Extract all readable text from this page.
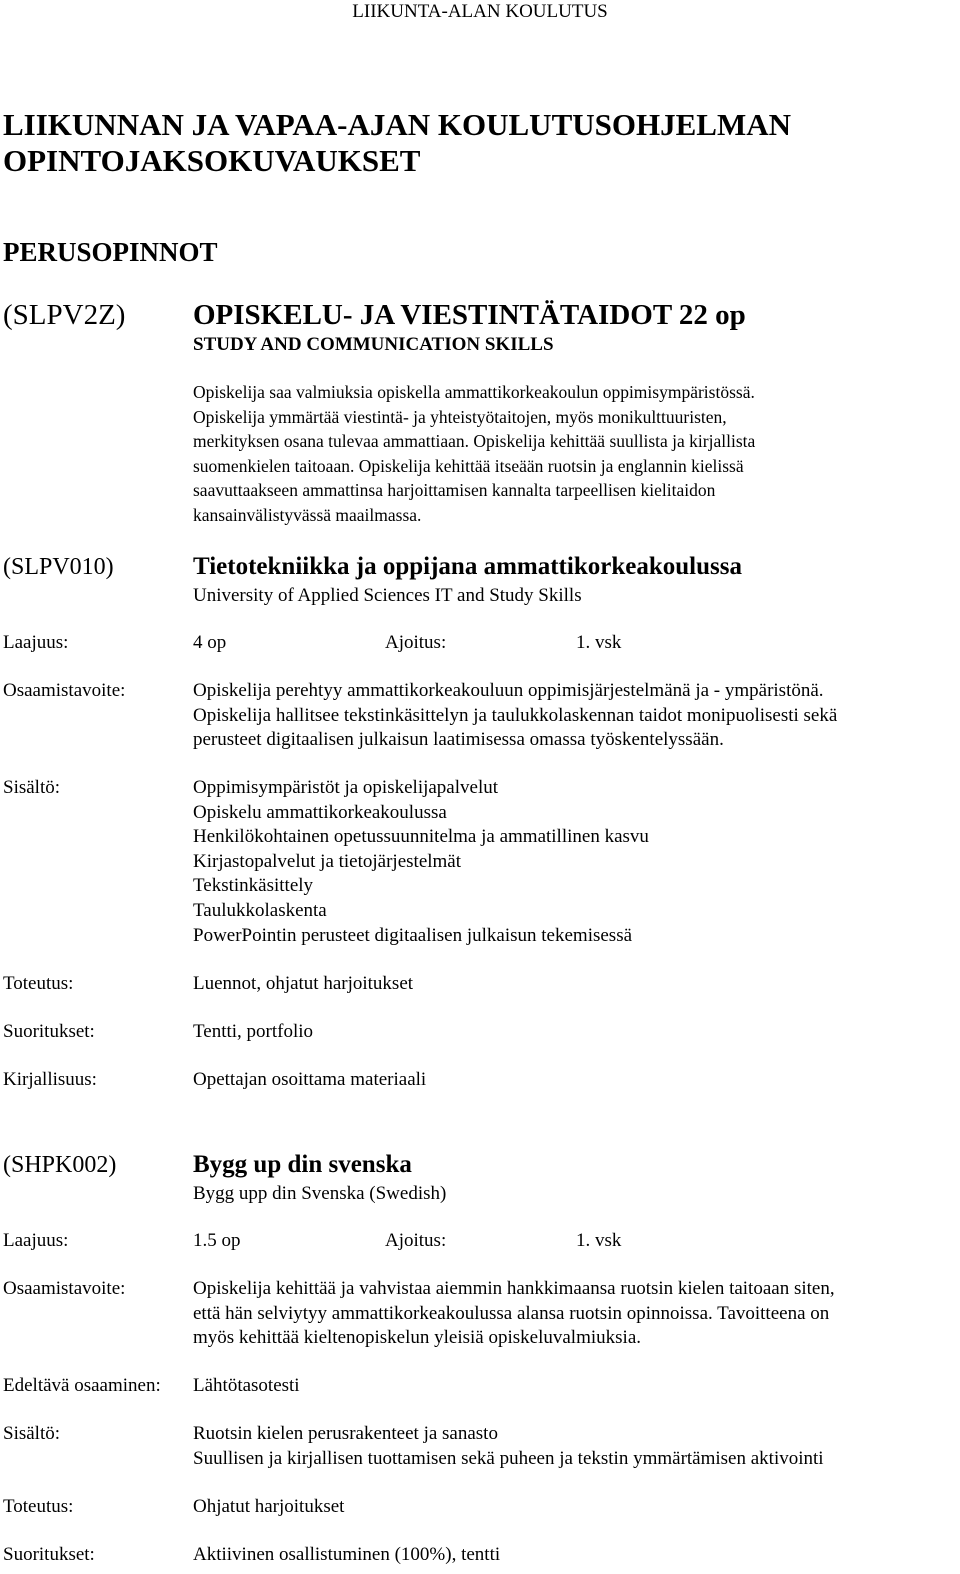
LIIKUNTA-ALAN KOULUTUS
LIIKUNNAN JA VAPAA-AJAN KOULUTUSOHJELMAN
OPINTOJAKSOKUVAUKSET
PERUSOPINNOT
(SLPV2Z) OPISKELU- JA VIESTINTÄTAIDOT 22 op
STUDY AND COMMUNICATION SKILLS
Opiskelija saa valmiuksia opiskella ammattikorkeakoulun oppimisympäristössä.
Opiskelija ymmärtää viestintä- ja yhteistyötaitojen, myös monikulttuuristen,
merkityksen osana tulevaa ammattiaan. Opiskelija kehittää suullista ja kirjallista
suomenkielen taitoaan. Opiskelija kehittää itseään ruotsin ja englannin kielissä
saavuttaakseen ammattinsa harjoittamisen kannalta tarpeellisen kielitaidon
kansainvälistyvässä maailmassa.
(SLPV010)	Tietotekniikka ja oppijana ammattikorkeakoulussa
University of Applied Sciences IT and Study Skills
Laajuus:	4 op	Ajoitus:	1. vsk
Osaamistavoite:	Opiskelija perehtyy ammattikorkeakouluun oppimisjärjestelmänä ja - ympäristönä.
Opiskelija hallitsee tekstinkäsittelyn ja taulukkolaskennan taidot monipuolisesti sekä
perusteet digitaalisen julkaisun laatimisessa omassa työskentelyssään.
Sisältö:	Oppimisympäristöt ja opiskelijapalvelut
Opiskelu ammattikorkeakoulussa
Henkilökohtainen opetussuunnitelma ja ammatillinen kasvu
Kirjastopalvelut ja tietojärjestelmät
Tekstinkäsittely
Taulukkolaskenta
PowerPointin perusteet digitaalisen julkaisun tekemisessä
Toteutus:	Luennot, ohjatut harjoitukset
Suoritukset:	Tentti, portfolio
Kirjallisuus:	Opettajan osoittama materiaali
(SHPK002)	Bygg up din svenska
Bygg upp din Svenska (Swedish)
Laajuus:	1.5 op	Ajoitus:	1. vsk
Osaamistavoite:	Opiskelija kehittää ja vahvistaa aiemmin hankkimaansa ruotsin kielen taitoaan siten,
että hän selviytyy ammattikorkeakoulussa alansa ruotsin opinnoissa. Tavoitteena on
myös kehittää kieltenopiskelun yleisiä opiskeluvalmiuksia.
Edeltävä osaaminen: Lähtötasotesti
Sisältö:	Ruotsin kielen perusrakenteet ja sanasto
Suullisen ja kirjallisen tuottamisen sekä puheen ja tekstin ymmärtämisen aktivointi
Toteutus:	Ohjatut harjoitukset
Suoritukset:	Aktiivinen osallistuminen (100%), tentti
